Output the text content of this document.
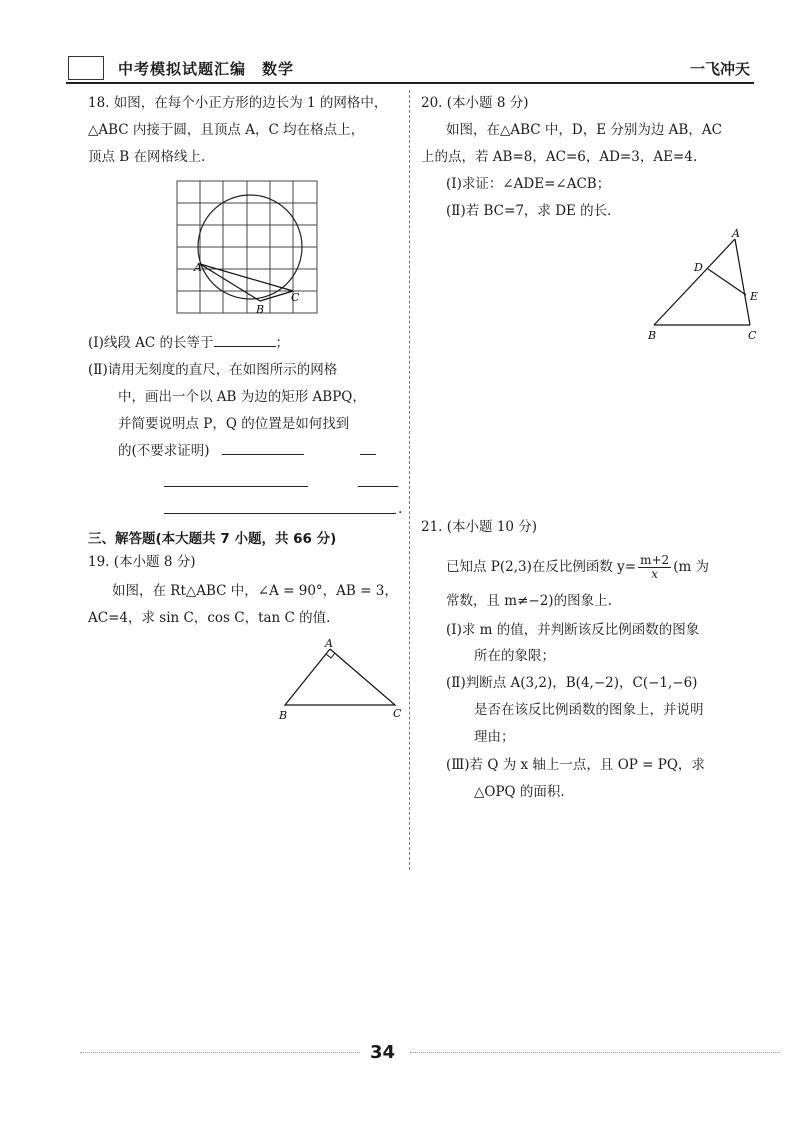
中考模拟试题汇编　数学	一飞冲天
18. 如图，在每个小正方形的边长为 1 的网格中，
△ABC 内接于圆，且顶点 A，C 均在格点上，
顶点 B 在网格线上.
A
B
C
(Ⅰ)线段 AC 的长等于	；
(Ⅱ)请用无刻度的直尺，在如图所示的网格
中，画出一个以 AB 为边的矩形 ABPQ，
并简要说明点 P，Q 的位置是如何找到
的(不要求证明)
.
三、解答题(本大题共 7 小题，共 66 分)
19. (本小题 8 分)
如图，在 Rt△ABC 中，∠A = 90°，AB = 3，
AC=4，求 sin C，cos C，tan C 的值.
A
B	C
20. (本小题 8 分)
如图，在△ABC 中，D，E 分别为边 AB，AC
上的点，若 AB=8，AC=6，AD=3，AE=4.
(Ⅰ)求证：∠ADE=∠ACB；
(Ⅱ)若 BC=7，求 DE 的长.
A
D
E
B	C
21. (本小题 10 分)
已知点 P(2,3)在反比例函数 $y= \frac{m+2}{x} (m$ 为
常数，且 m≠−2)的图象上.
(Ⅰ)求 m 的值，并判断该反比例函数的图象
所在的象限；
(Ⅱ)判断点 A(3,2)，B(4,−2)，C(−1,−6)
是否在该反比例函数的图象上，并说明
理由；
(Ⅲ)若 Q 为 x 轴上一点，且 OP = PQ，求
△OPQ 的面积.
34
